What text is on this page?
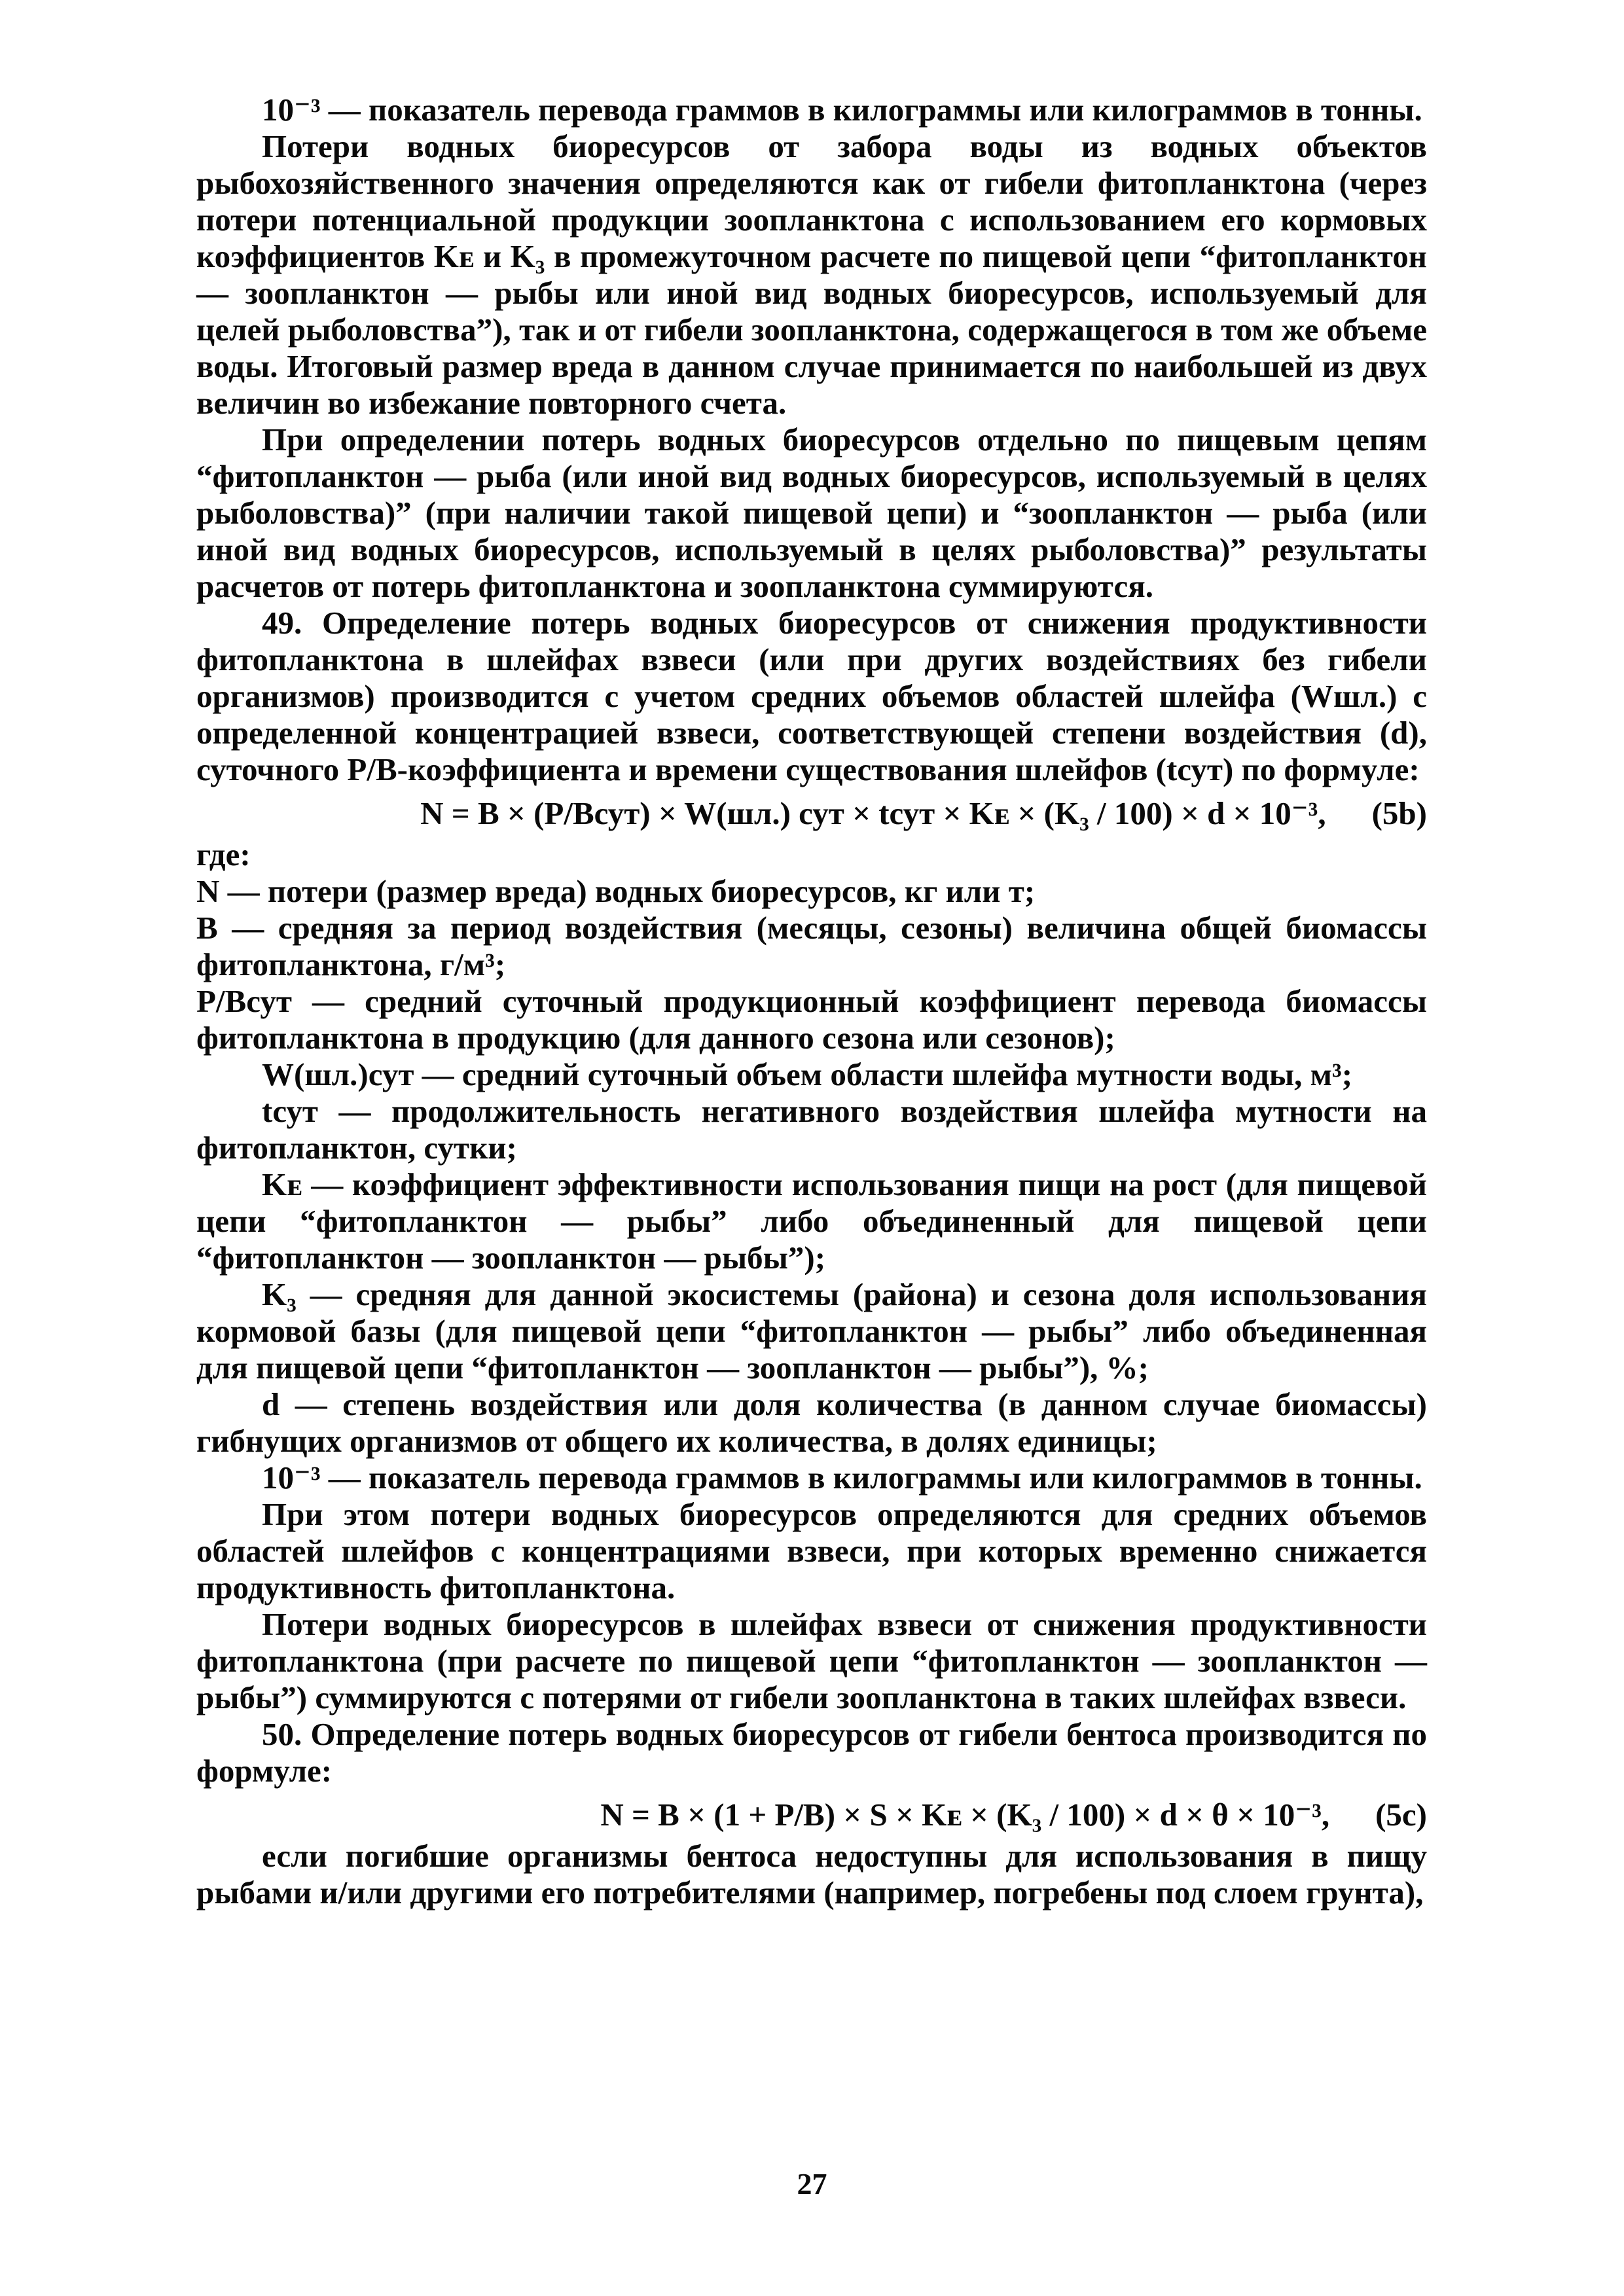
10⁻³ — показатель перевода граммов в килограммы или килограммов в тонны.

Потери водных биоресурсов от забора воды из водных объектов рыбохозяйственного значения определяются как от гибели фитопланктона (через потери потенциальной продукции зоопланктона с использованием его кормовых коэффициентов Kᴇ и K₃ в промежуточном расчете по пищевой цепи “фитопланктон — зоопланктон — рыбы или иной вид водных биоресурсов, используемый для целей рыболовства”), так и от гибели зоопланктона, содержащегося в том же объеме воды. Итоговый размер вреда в данном случае принимается по наибольшей из двух величин во избежание повторного счета.

При определении потерь водных биоресурсов отдельно по пищевым цепям “фитопланктон — рыба (или иной вид водных биоресурсов, используемый в целях рыболовства)” (при наличии такой пищевой цепи) и “зоопланктон — рыба (или иной вид водных биоресурсов, используемый в целях рыболовства)” результаты расчетов от потерь фитопланктона и зоопланктона суммируются.

49. Определение потерь водных биоресурсов от снижения продуктивности фитопланктона в шлейфах взвеси (или при других воздействиях без гибели организмов) производится с учетом средних объемов областей шлейфа (Wшл.) с определенной концентрацией взвеси, соответствующей степени воздействия (d), суточного P/B-коэффициента и времени существования шлейфов (tсут) по формуле:

N = B × (P/Bсут) × W(шл.) сут × tсут × Kᴇ × (K₃ / 100) × d × 10⁻³, (5b)

где:

N — потери (размер вреда) водных биоресурсов, кг или т;

B — средняя за период воздействия (месяцы, сезоны) величина общей биомассы фитопланктона, г/м³;

P/Bсут — средний суточный продукционный коэффициент перевода биомассы фитопланктона в продукцию (для данного сезона или сезонов);

W(шл.)сут — средний суточный объем области шлейфа мутности воды, м³;

tсут — продолжительность негативного воздействия шлейфа мутности на фитопланктон, сутки;

Kᴇ — коэффициент эффективности использования пищи на рост (для пищевой цепи “фитопланктон — рыбы” либо объединенный для пищевой цепи “фитопланктон — зоопланктон — рыбы”);

K₃ — средняя для данной экосистемы (района) и сезона доля использования кормовой базы (для пищевой цепи “фитопланктон — рыбы” либо объединенная для пищевой цепи “фитопланктон — зоопланктон — рыбы”), %;

d — степень воздействия или доля количества (в данном случае биомассы) гибнущих организмов от общего их количества, в долях единицы;

10⁻³ — показатель перевода граммов в килограммы или килограммов в тонны.

При этом потери водных биоресурсов определяются для средних объемов областей шлейфов с концентрациями взвеси, при которых временно снижается продуктивность фитопланктона.

Потери водных биоресурсов в шлейфах взвеси от снижения продуктивности фитопланктона (при расчете по пищевой цепи “фитопланктон — зоопланктон — рыбы”) суммируются с потерями от гибели зоопланктона в таких шлейфах взвеси.

50. Определение потерь водных биоресурсов от гибели бентоса производится по формуле:

N = B × (1 + P/B) × S × Kᴇ × (K₃ / 100) × d × θ × 10⁻³, (5c)

если погибшие организмы бентоса недоступны для использования в пищу рыбами и/или другими его потребителями (например, погребены под слоем грунта),

27
